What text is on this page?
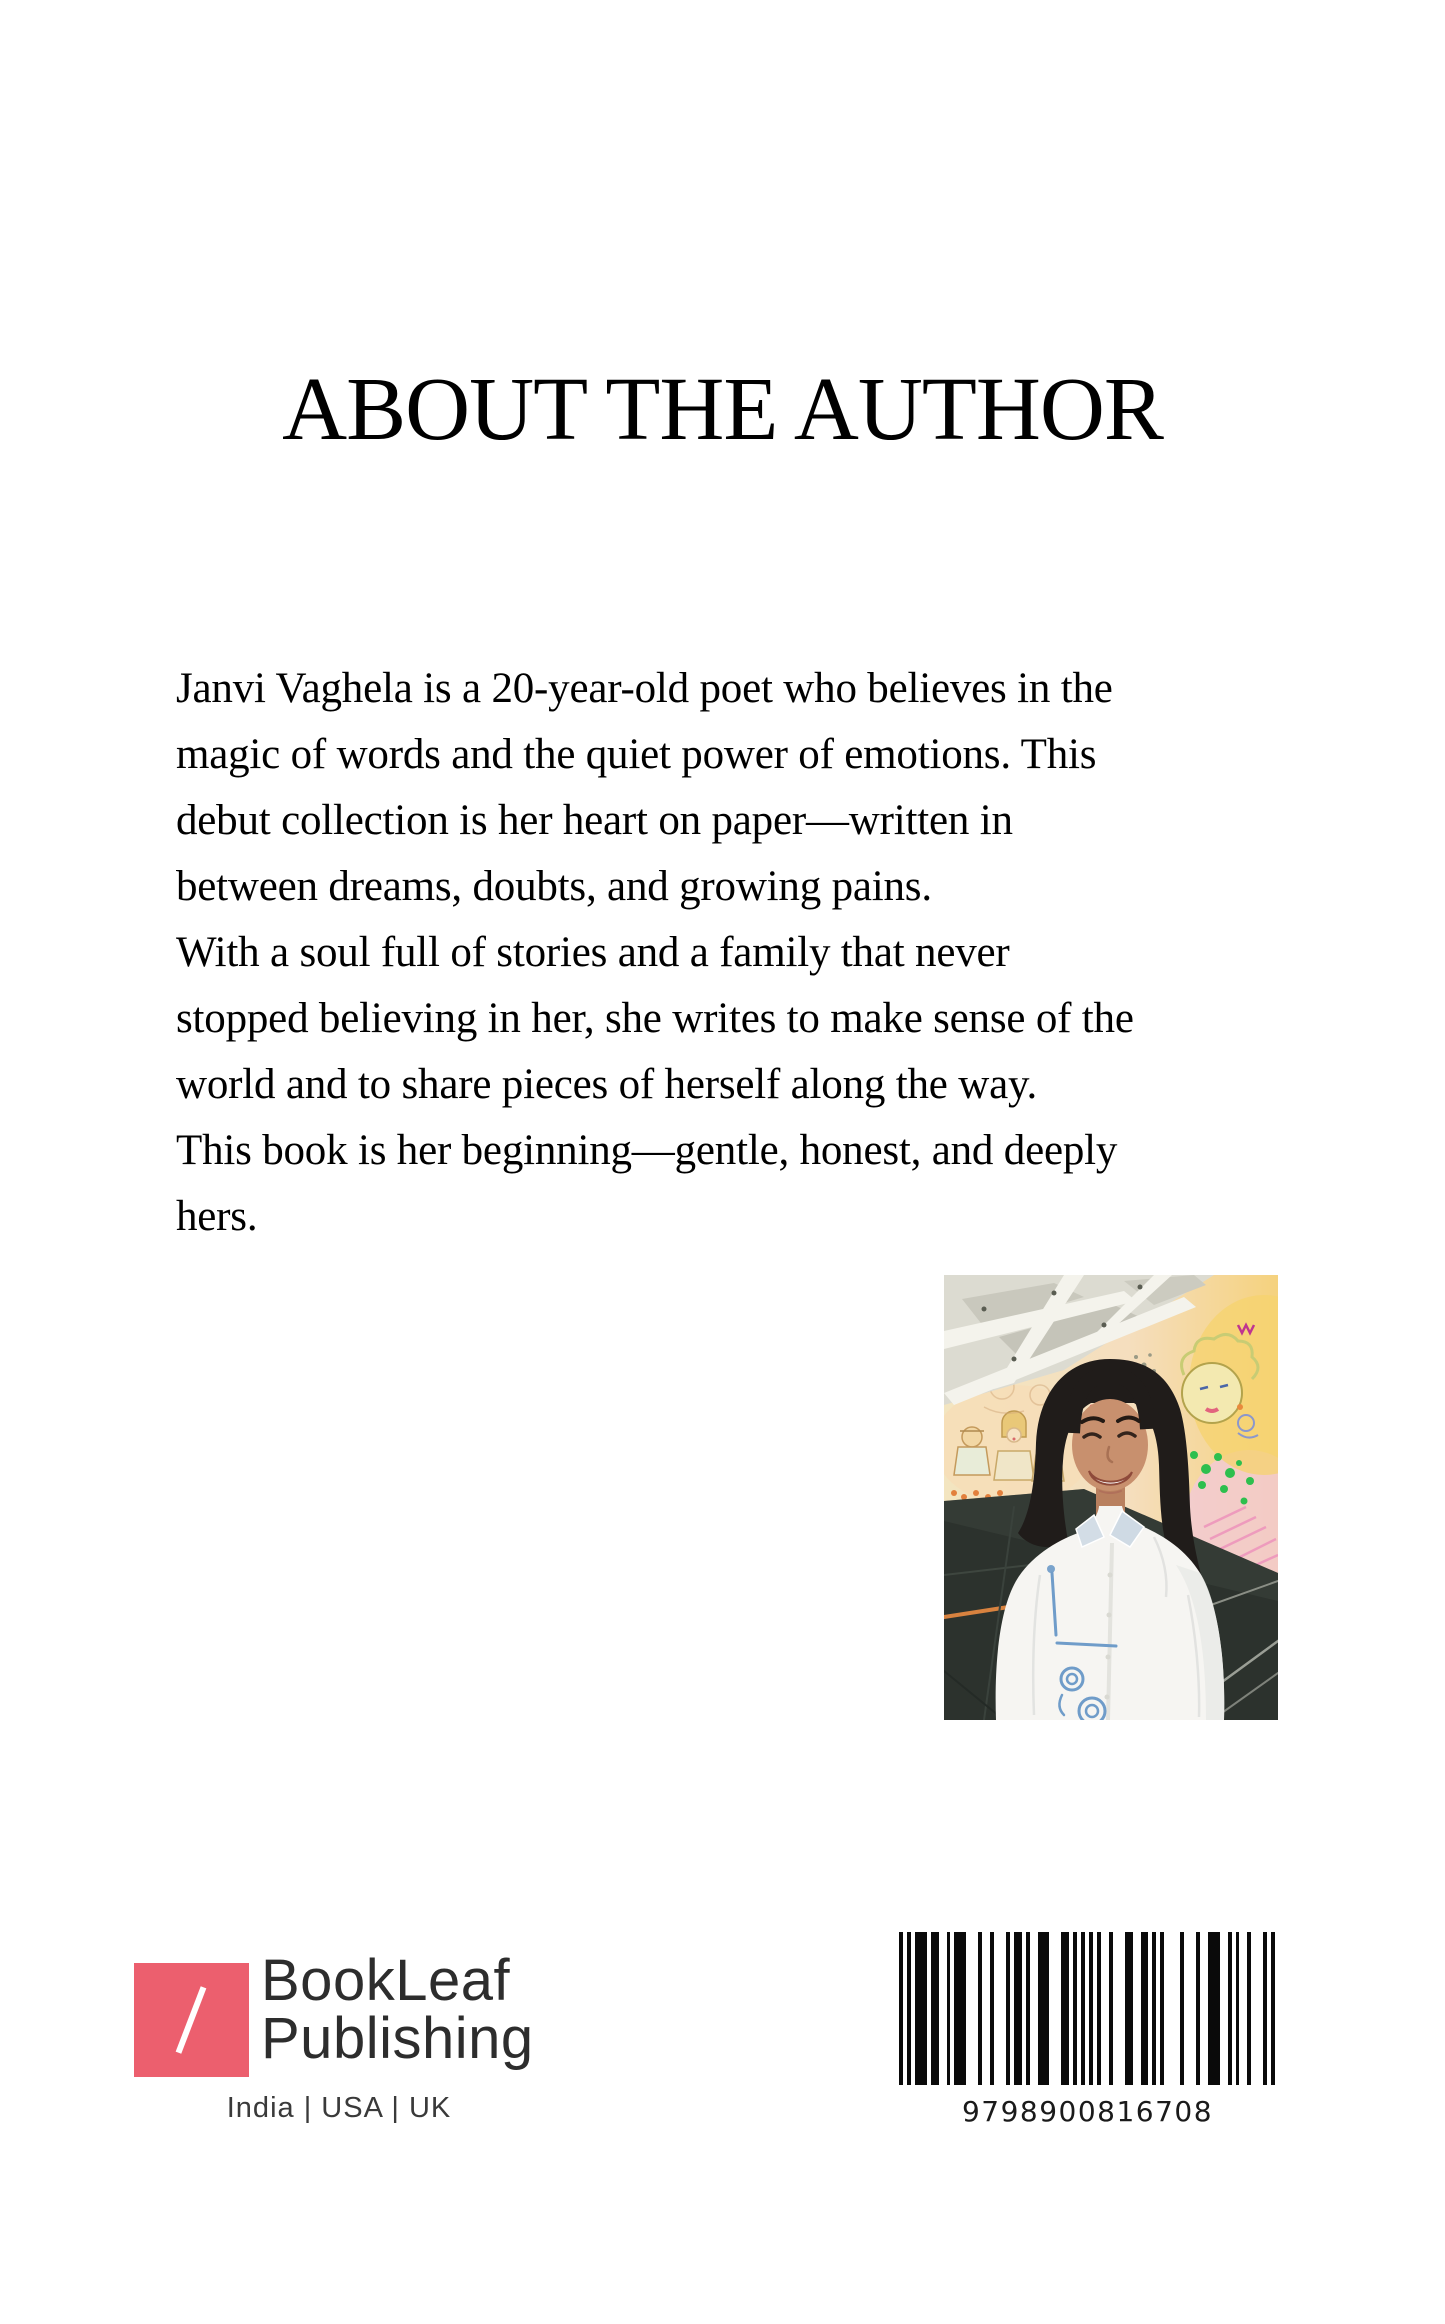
ABOUT THE AUTHOR
Janvi Vaghela is a 20-year-old poet who believes in the
magic of words and the quiet power of emotions. This
debut collection is her heart on paper—written in
between dreams, doubts, and growing pains.
With a soul full of stories and a family that never
stopped believing in her, she writes to make sense of the
world and to share pieces of herself along the way.
This book is her beginning—gentle, honest, and deeply
hers.
BookLeaf
Publishing
India | USA | UK	9798900816708
